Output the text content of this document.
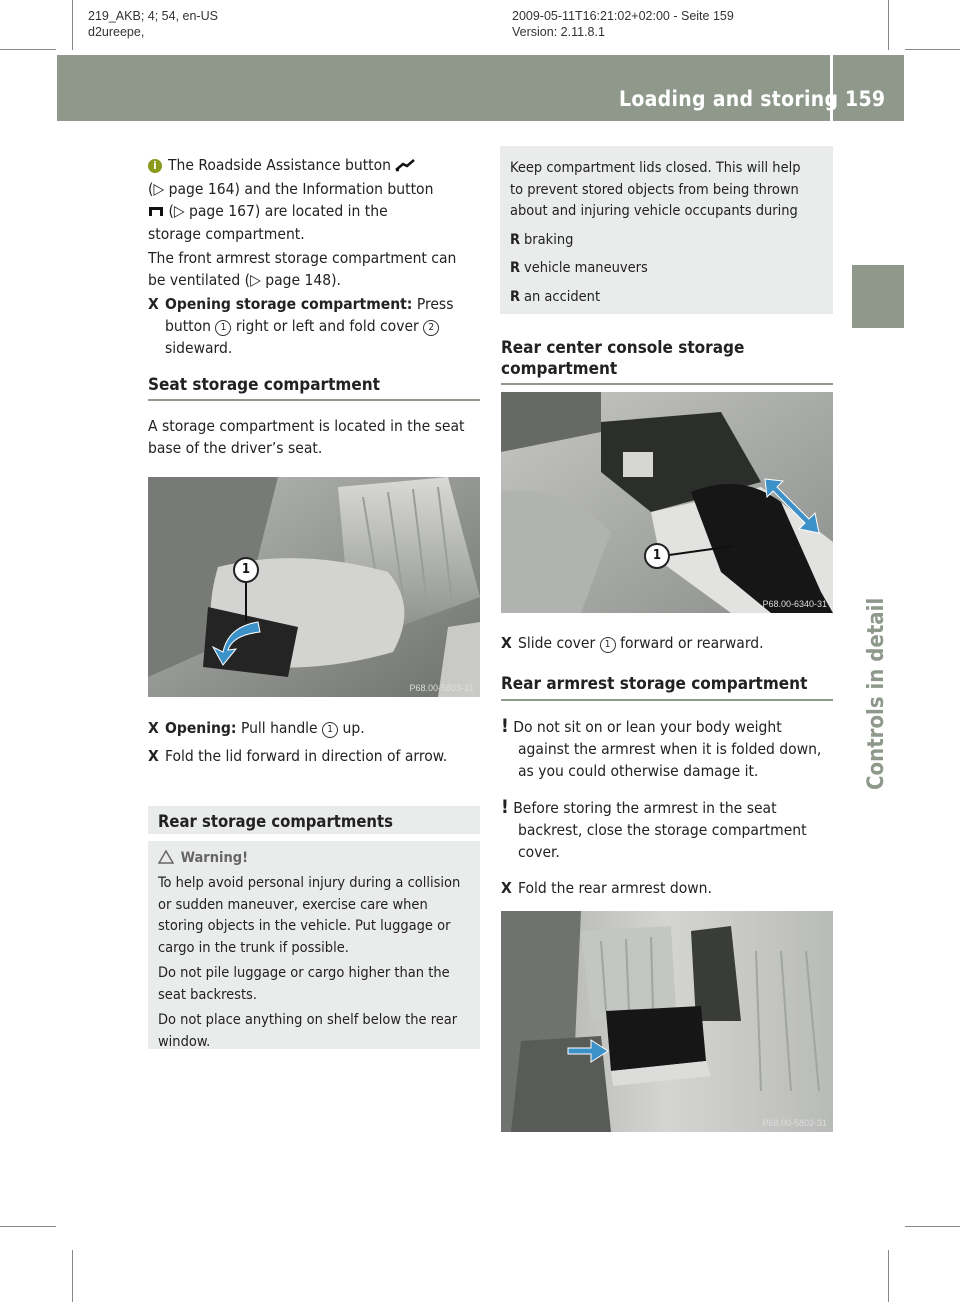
219_AKB; 4; 54, en-US
d2ureepe,
2009-05-11T16:21:02+02:00 - Seite 159
Version: 2.11.8.1
Loading and storing 159
Controls in detail

i The Roadside Assistance button
(▷ page 164) and the Information button
(▷ page 167) are located in the
storage compartment.

The front armrest storage compartment can
be ventilated (▷ page 148).

X Opening storage compartment: Press
button 1 right or left and fold cover 2
sideward.

Seat storage compartment

A storage compartment is located in the seat
base of the driver’s seat.

1
P68.00-5803-31

X Opening: Pull handle 1 up.

X Fold the lid forward in direction of arrow.

Rear storage compartments
Warning!
To help avoid personal injury during a collision
or sudden maneuver, exercise care when
storing objects in the vehicle. Put luggage or
cargo in the trunk if possible.
Do not pile luggage or cargo higher than the
seat backrests.
Do not place anything on shelf below the rear
window.
Keep compartment lids closed. This will help
to prevent stored objects from being thrown
about and injuring vehicle occupants during
R braking
R vehicle maneuvers
R an accident
Rear center console storage
compartment
1
P68.00-6340-31

X Slide cover 1 forward or rearward.

Rear armrest storage compartment

! Do not sit on or lean your body weight
against the armrest when it is folded down,
as you could otherwise damage it.

! Before storing the armrest in the seat
backrest, close the storage compartment
cover.

X Fold the rear armrest down.

P68.00-5802-31
